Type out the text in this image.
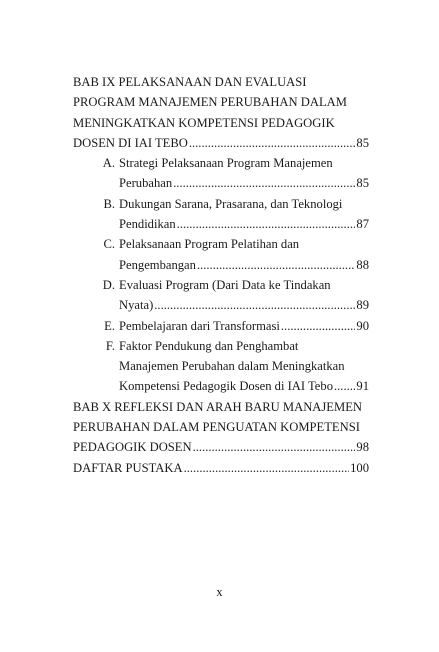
BAB IX PELAKSANAAN DAN EVALUASI
PROGRAM MANAJEMEN PERUBAHAN DALAM
MENINGKATKAN KOMPETENSI PEDAGOGIK
DOSEN DI IAI TEBO .....	85
A. Strategi Pelaksanaan Program Manajemen
Perubahan .....	85
B. Dukungan Sarana, Prasarana, dan Teknologi
Pendidikan .....	87
C. Pelaksanaan Program Pelatihan dan
Pengembangan .....	88
D. Evaluasi Program (Dari Data ke Tindakan
Nyata) .....	89
E. Pembelajaran dari Transformasi .....	90
F. Faktor Pendukung dan Penghambat
Manajemen Perubahan dalam Meningkatkan
Kompetensi Pedagogik Dosen di IAI Tebo ..... 91
BAB X REFLEKSI DAN ARAH BARU MANAJEMEN
PERUBAHAN DALAM PENGUATAN KOMPETENSI
PEDAGOGIK DOSEN .....	98
DAFTAR PUSTAKA .....	100
x
